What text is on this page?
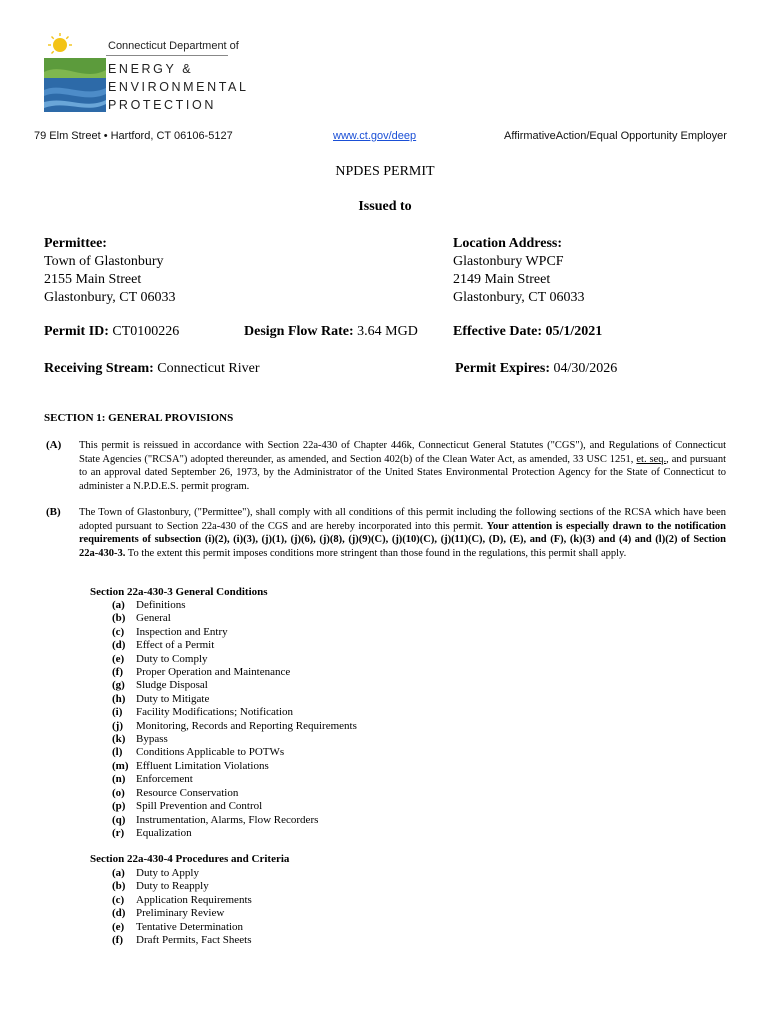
Connecticut Department of
ENERGY &
ENVIRONMENTAL
PROTECTION
79 Elm Street • Hartford, CT 06106-5127	www.ct.gov/deep	AffirmativeAction/Equal Opportunity Employer
NPDES PERMIT
Issued to
Permittee:
Town of Glastonbury
2155 Main Street
Glastonbury, CT 06033
Location Address:
Glastonbury WPCF
2149 Main Street
Glastonbury, CT 06033
Permit ID: CT0100226	Design Flow Rate: 3.64 MGD	Effective Date: 05/1/2021
Receiving Stream: Connecticut River	Permit Expires: 04/30/2026
SECTION 1: GENERAL PROVISIONS
(A) This permit is reissued in accordance with Section 22a-430 of Chapter 446k, Connecticut General Statutes ("CGS"), and Regulations of Connecticut State Agencies ("RCSA") adopted thereunder, as amended, and Section 402(b) of the Clean Water Act, as amended, 33 USC 1251, et. seq., and pursuant to an approval dated September 26, 1973, by the Administrator of the United States Environmental Protection Agency for the State of Connecticut to administer a N.P.D.E.S. permit program.
(B) The Town of Glastonbury, ("Permittee"), shall comply with all conditions of this permit including the following sections of the RCSA which have been adopted pursuant to Section 22a-430 of the CGS and are hereby incorporated into this permit. Your attention is especially drawn to the notification requirements of subsection (i)(2), (i)(3), (j)(1), (j)(6), (j)(8), (j)(9)(C), (j)(10)(C), (j)(11)(C), (D), (E), and (F), (k)(3) and (4) and (l)(2) of Section 22a-430-3. To the extent this permit imposes conditions more stringent than those found in the regulations, this permit shall apply.
Section 22a-430-3 General Conditions
(a) Definitions
(b) General
(c) Inspection and Entry
(d) Effect of a Permit
(e) Duty to Comply
(f) Proper Operation and Maintenance
(g) Sludge Disposal
(h) Duty to Mitigate
(i) Facility Modifications; Notification
(j) Monitoring, Records and Reporting Requirements
(k) Bypass
(l) Conditions Applicable to POTWs
(m) Effluent Limitation Violations
(n) Enforcement
(o) Resource Conservation
(p) Spill Prevention and Control
(q) Instrumentation, Alarms, Flow Recorders
(r) Equalization
Section 22a-430-4 Procedures and Criteria
(a) Duty to Apply
(b) Duty to Reapply
(c) Application Requirements
(d) Preliminary Review
(e) Tentative Determination
(f) Draft Permits, Fact Sheets
